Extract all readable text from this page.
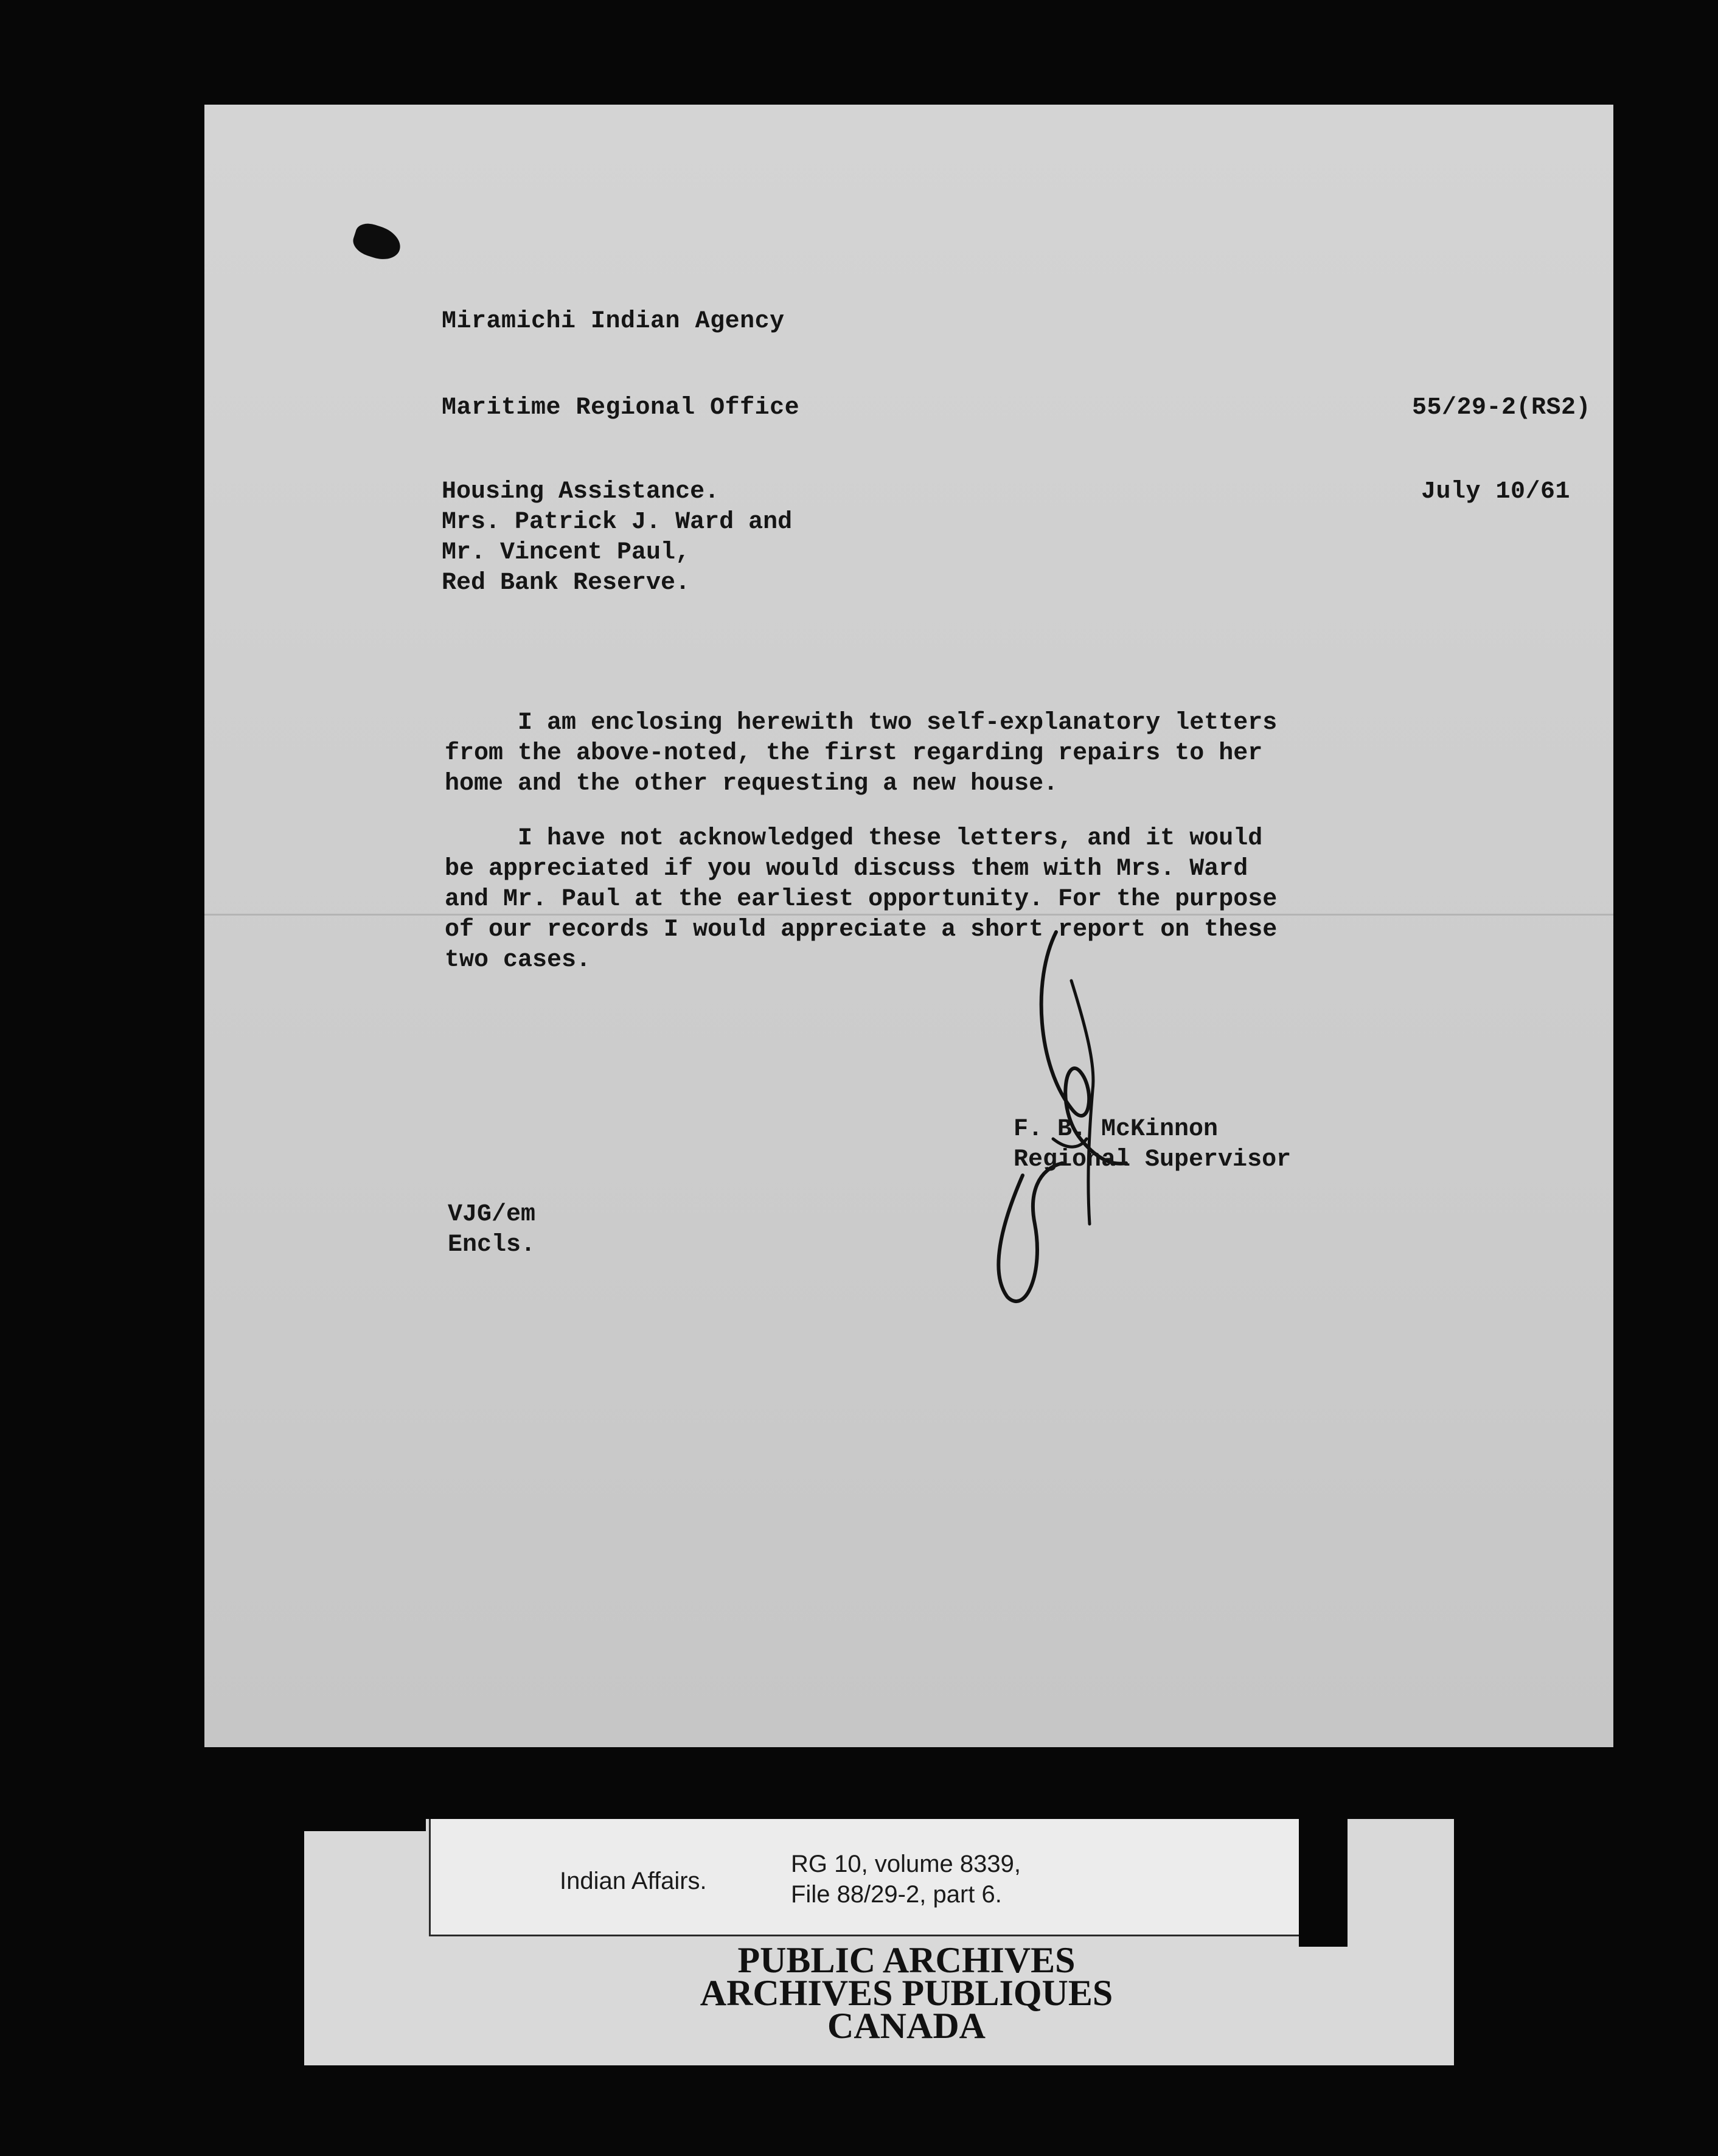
Miramichi Indian Agency
Maritime Regional Office	55/29-2(RS2)
Housing Assistance.
Mrs. Patrick J. Ward and
Mr. Vincent Paul,
Red Bank Reserve.
July 10/61
I am enclosing herewith two self-explanatory letters
from the above-noted, the first regarding repairs to her
home and the other requesting a new house.
I have not acknowledged these letters, and it would
be appreciated if you would discuss them with Mrs. Ward
and Mr. Paul at the earliest opportunity. For the purpose
of our records I would appreciate a short report on these
two cases.
F. B. McKinnon
Regional Supervisor
VJG/em
Encls.
Indian Affairs.
RG 10, volume 8339,
File 88/29-2, part 6.
PUBLIC ARCHIVES
ARCHIVES PUBLIQUES
CANADA
